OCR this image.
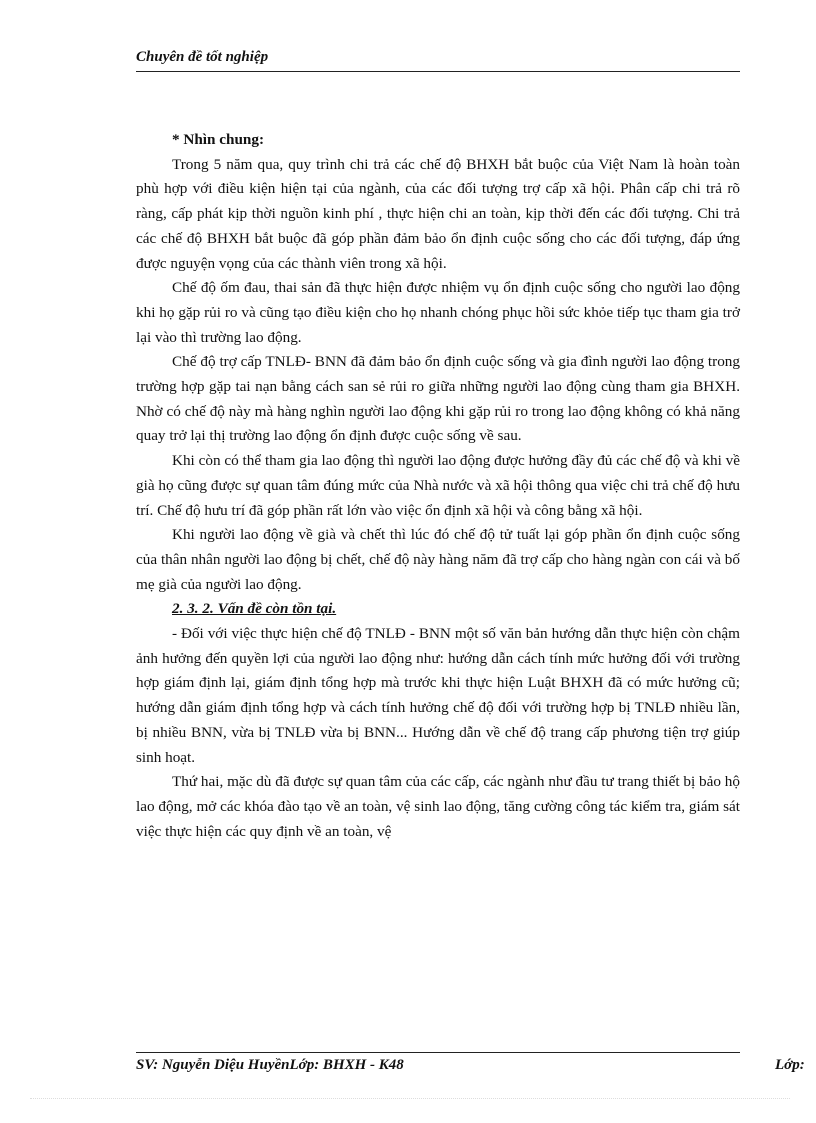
Chuyên đề tốt nghiệp

* Nhìn chung:

Trong 5 năm qua, quy trình chi trả các chế độ BHXH bắt buộc của Việt Nam là hoàn toàn phù hợp với điều kiện hiện tại của ngành, của các đối tượng trợ cấp xã hội. Phân cấp chi trả rõ ràng, cấp phát kịp thời nguồn kinh phí , thực hiện chi an toàn, kịp thời đến các đối tượng. Chi trả các chế độ BHXH bắt buộc đã góp phần đảm bảo ổn định cuộc sống cho các đối tượng, đáp ứng được nguyện vọng của các thành viên trong xã hội.

Chế độ ốm đau, thai sản đã thực hiện được nhiệm vụ ổn định cuộc sống cho người lao động khi họ gặp rủi ro và cũng tạo điều kiện cho họ nhanh chóng phục hồi sức khỏe tiếp tục tham gia trở lại vào thì trường lao động.

Chế độ trợ cấp TNLĐ- BNN đã đảm bảo ổn định cuộc sống và gia đình người lao động trong trường hợp gặp tai nạn bằng cách san sẻ rủi ro giữa những người lao động cùng tham gia BHXH. Nhờ có chế độ này mà hàng nghìn người lao động khi gặp rủi ro trong lao động không có khả năng quay trở lại thị trường lao động ổn định được cuộc sống về sau.

Khi còn có thể tham gia lao động thì người lao động được hưởng đầy đủ các chế độ và khi về già họ cũng được sự quan tâm đúng mức của Nhà nước và xã hội thông qua việc chi trả chế độ hưu trí. Chế độ hưu trí đã góp phần rất lớn vào việc ổn định xã hội và công bằng xã hội.

Khi người lao động về già và chết thì lúc đó chế độ tử tuất lại góp phần ổn định cuộc sống của thân nhân người lao động bị chết, chế độ này hàng năm đã trợ cấp cho hàng ngàn con cái và bố mẹ già của người lao động.

2. 3. 2. Vấn đề còn tồn tại.

- Đối với việc thực hiện chế độ TNLĐ - BNN một số văn bản hướng dẫn thực hiện còn chậm ảnh hưởng đến quyền lợi của người lao động như: hướng dẫn cách tính mức hưởng đối với trường hợp giám định lại, giám định tổng hợp mà trước khi thực hiện Luật BHXH đã có mức hưởng cũ; hướng dẫn giám định tổng hợp và cách tính hưởng chế độ đối với trường hợp bị TNLĐ nhiều lần, bị nhiều BNN, vừa bị TNLĐ vừa bị BNN... Hướng dẫn về chế độ trang cấp phương tiện trợ giúp sinh hoạt.

Thứ hai, mặc dù đã được sự quan tâm của các cấp, các ngành như đầu tư trang thiết bị bảo hộ lao động, mở các khóa đào tạo về an toàn, vệ sinh lao động, tăng cường công tác kiểm tra, giám sát việc thực hiện các quy định về an toàn, vệ

SV: Nguyễn Diệu HuyềnLớp: BHXH - K48	Lớp:
